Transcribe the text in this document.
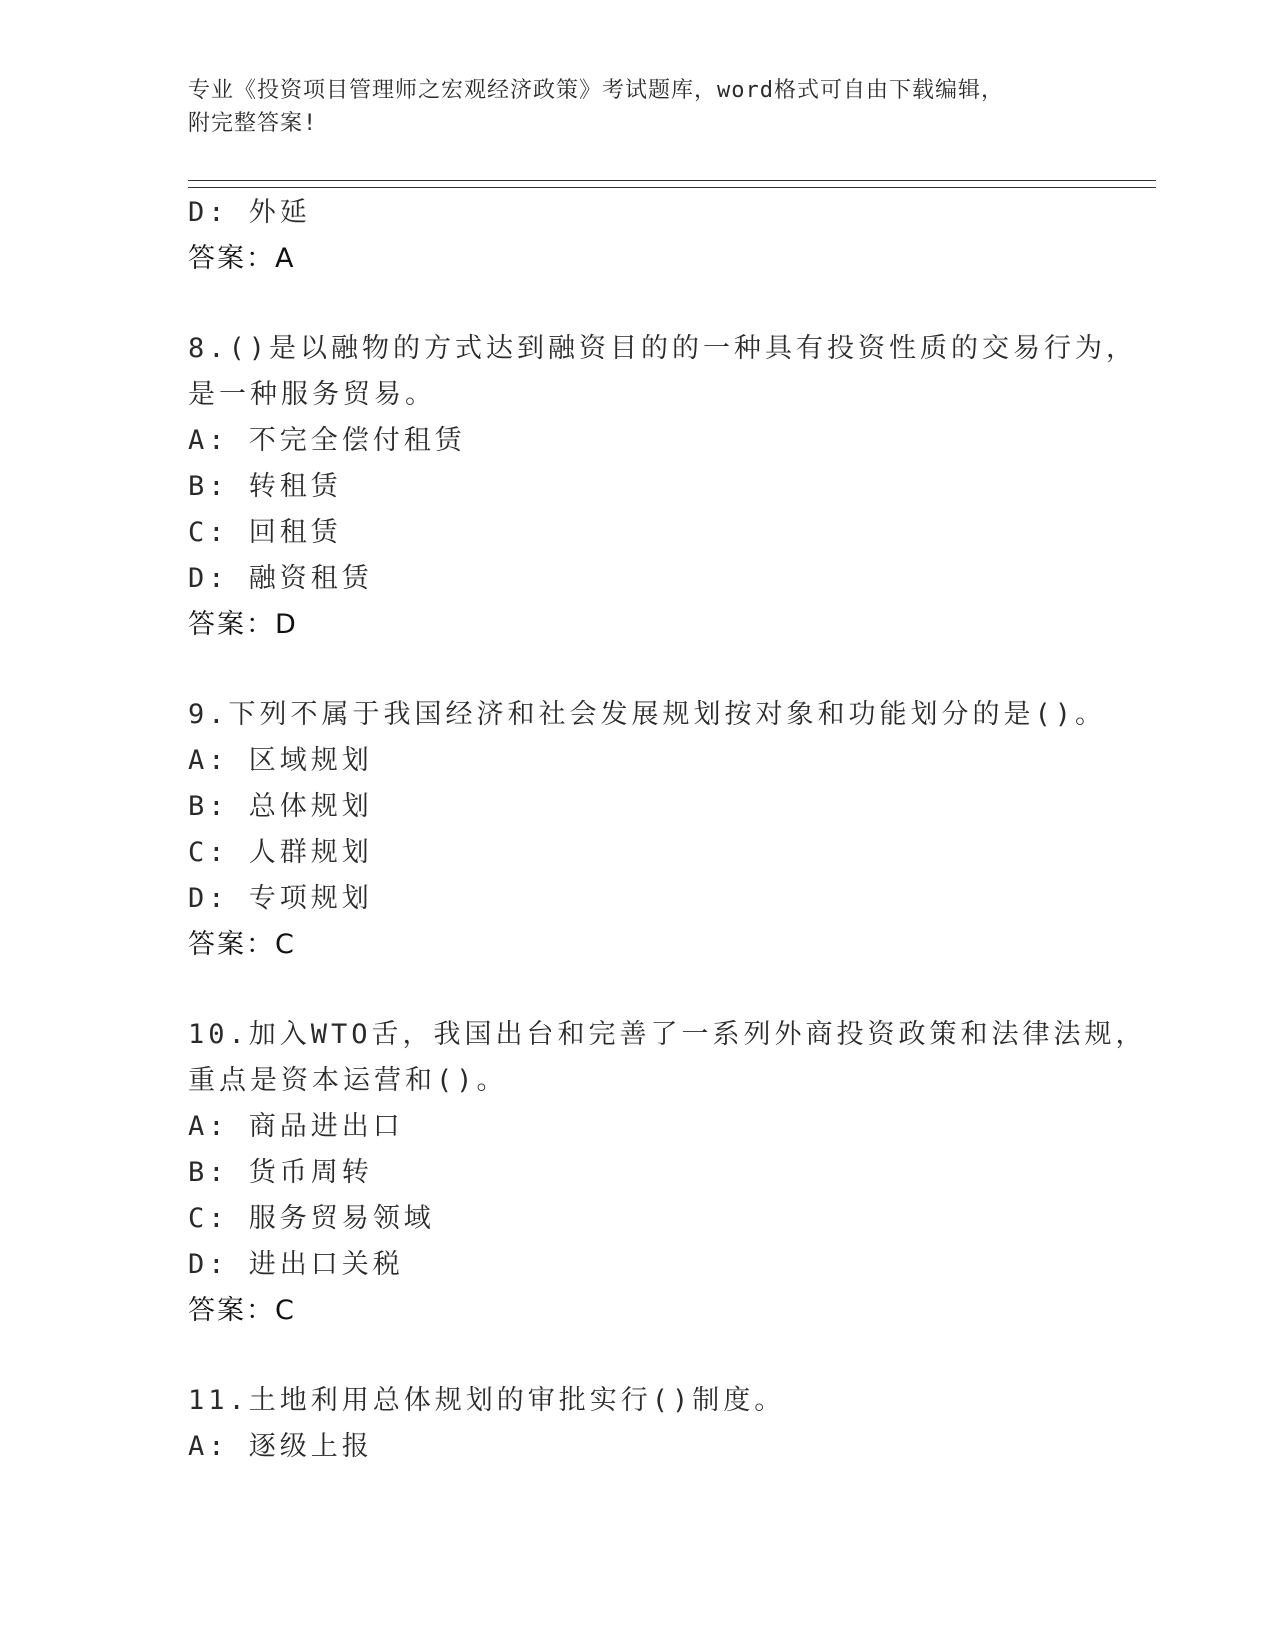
专业《投资项目管理师之宏观经济政策》考试题库，word格式可自由下载编辑，
附完整答案!
D: 外延
答案：A
8.()是以融物的方式达到融资目的的一种具有投资性质的交易行为，
是一种服务贸易。
A: 不完全偿付租赁
B: 转租赁
C: 回租赁
D: 融资租赁
答案：D
9.下列不属于我国经济和社会发展规划按对象和功能划分的是()。
A: 区域规划
B: 总体规划
C: 人群规划
D: 专项规划
答案：C
10.加入WTO舌，我国出台和完善了一系列外商投资政策和法律法规，
重点是资本运营和()。
A: 商品进出口
B: 货币周转
C: 服务贸易领域
D: 进出口关税
答案：C
11.土地利用总体规划的审批实行()制度。
A: 逐级上报
